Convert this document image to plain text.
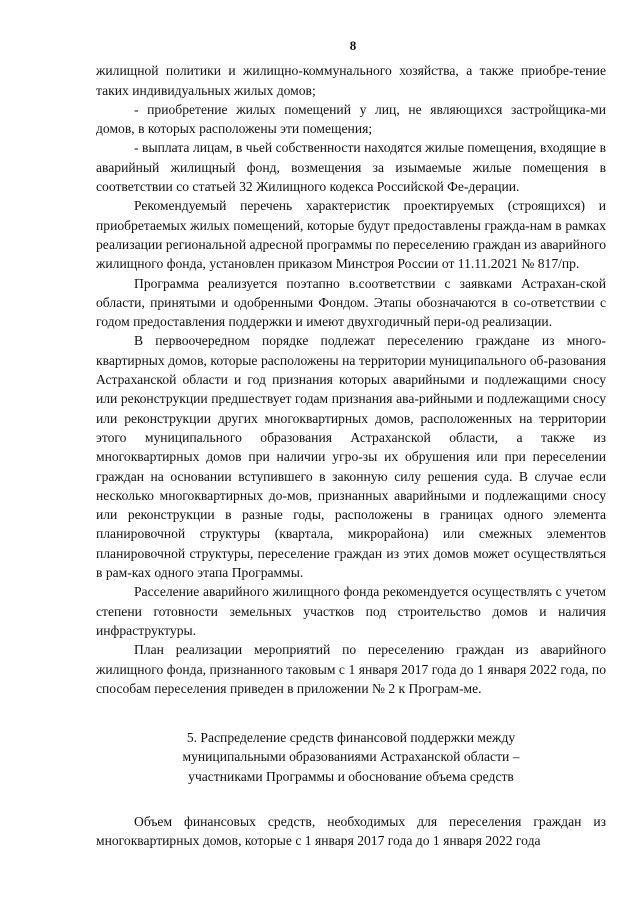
8

жилищной политики и жилищно-коммунального хозяйства, а также приобре-тение таких индивидуальных жилых домов;

- приобретение жилых помещений у лиц, не являющихся застройщика-ми домов, в которых расположены эти помещения;

- выплата лицам, в чьей собственности находятся жилые помещения, входящие в аварийный жилищный фонд, возмещения за изымаемые жилые помещения в соответствии со статьей 32 Жилищного кодекса Российской Фе-дерации.

Рекомендуемый перечень характеристик проектируемых (строящихся) и приобретаемых жилых помещений, которые будут предоставлены гражда-нам в рамках реализации региональной адресной программы по переселению граждан из аварийного жилищного фонда, установлен приказом Минстроя России от 11.11.2021 № 817/пр.

Программа реализуется поэтапно в.соответствии с заявками Астрахан-ской области, принятыми и одобренными Фондом. Этапы обозначаются в со-ответствии с годом предоставления поддержки и имеют двухгодичный пери-од реализации.

В первоочередном порядке подлежат переселению граждане из много-квартирных домов, которые расположены на территории муниципального об-разования Астраханской области и год признания которых аварийными и подлежащими сносу или реконструкции предшествует годам признания ава-рийными и подлежащими сносу или реконструкции других многоквартирных домов, расположенных на территории этого муниципального образования Астраханской области, а также из многоквартирных домов при наличии угро-зы их обрушения или при переселении граждан на основании вступившего в законную силу решения суда. В случае если несколько многоквартирных до-мов, признанных аварийными и подлежащими сносу или реконструкции в разные годы, расположены в границах одного элемента планировочной структуры (квартала, микрорайона) или смежных элементов планировочной структуры, переселение граждан из этих домов может осуществляться в рам-ках одного этапа Программы.

Расселение аварийного жилищного фонда рекомендуется осуществлять с учетом степени готовности земельных участков под строительство домов и наличия инфраструктуры.

План реализации мероприятий по переселению граждан из аварийного жилищного фонда, признанного таковым с 1 января 2017 года до 1 января 2022 года, по способам переселения приведен в приложении № 2 к Програм-ме.

5. Распределение средств финансовой поддержки между
муниципальными образованиями Астраханской области –
участниками Программы и обоснование объема средств

Объем финансовых средств, необходимых для переселения граждан из многоквартирных домов, которые с 1 января 2017 года до 1 января 2022 года
